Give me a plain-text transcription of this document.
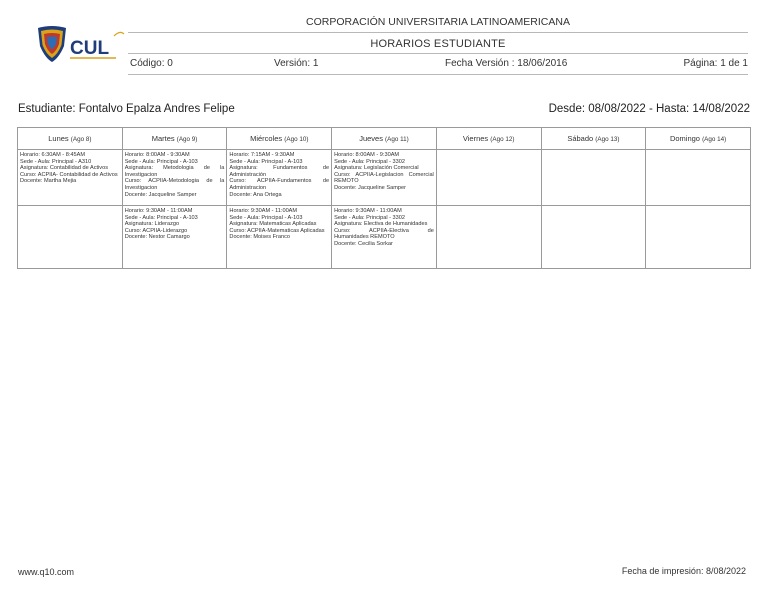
CUL
CORPORACIÓN UNIVERSITARIA LATINOAMERICANA
HORARIOS ESTUDIANTE
Código: 0	Versión: 1	Fecha Versión : 18/06/2016	Página: 1 de 1
Estudiante: Fontalvo Epalza Andres Felipe	Desde: 08/08/2022 - Hasta: 14/08/2022
Lunes (Ago 8)	Martes (Ago 9)	Miércoles (Ago 10)	Jueves (Ago 11)	Viernes (Ago 12)	Sábado (Ago 13)	Domingo (Ago 14)

Horario: 6:30AM - 8:45AM
Sede - Aula: Principal - A310
Asignatura: Contabilidad de Activos
Curso: ACPIIA- Contabilidad de Activos
Docente: Martha Mejia	Horario: 8:00AM - 9:30AM
Sede - Aula: Principal - A-103
Asignatura: Metodologia de la Investigacion
Curso: ACPIIA-Metodologia de la Investigacion
Docente: Jacqueline Samper	Horario: 7:15AM - 9:30AM
Sede - Aula: Principal - A-103
Asignatura: Fundamentos de Administración
Curso: ACPIIA-Fundamentos de Administracion
Docente: Ana Ortega	Horario: 8:00AM - 9:30AM
Sede - Aula: Principal - 3302
Asignatura: Legislación Comercial
Curso: ACPIIA-Legislacion Comercial REMOTO
Docente: Jacqueline Samper			

	Horario: 9:30AM - 11:00AM
Sede - Aula: Principal - A-103
Asignatura: Liderazgo
Curso: ACPIIA-Liderazgo
Docente: Nestor Camargo	Horario: 9:30AM - 11:00AM
Sede - Aula: Principal - A-103
Asignatura: Matematicas Aplicadas
Curso: ACPIIA-Matematicas Aplicadas
Docente: Moises Franco	Horario: 9:30AM - 11:00AM
Sede - Aula: Principal - 3302
Asignatura: Electiva de Humanidades
Curso: ACPIIA-Electiva de Humanidades REMOTO
Docente: Cecilia Sorkar			

www.q10.com	Fecha de impresión: 8/08/2022
